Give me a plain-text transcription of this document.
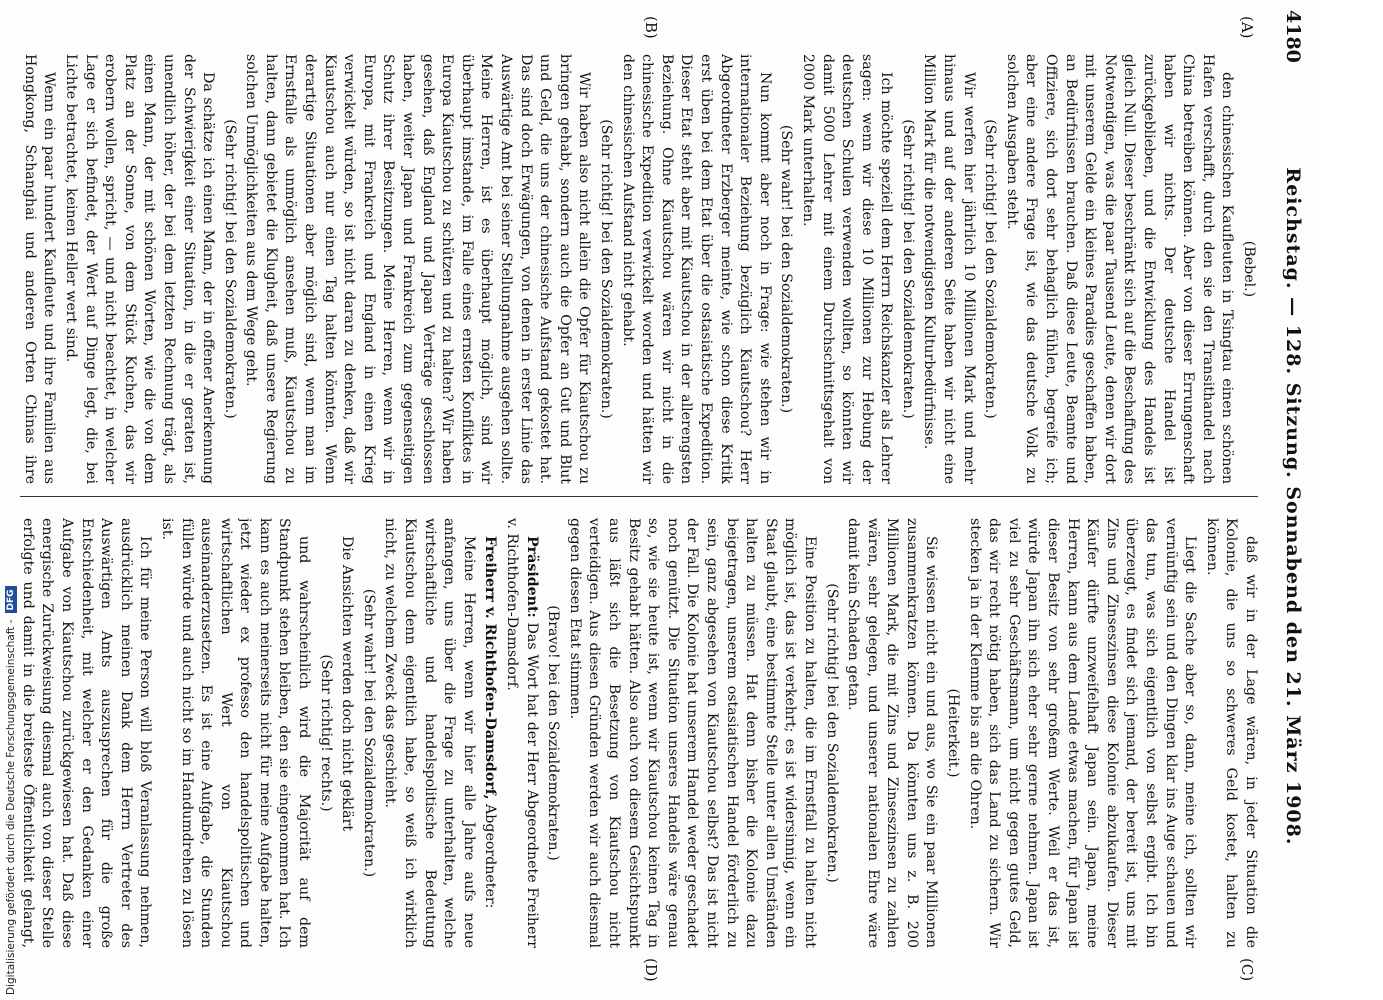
4180
Reichstag. — 128. Sitzung. Sonnabend den 21. März 1908.
(A)
(B)
(C)
(D)

(Bebel.)

den chinesischen Kaufleuten in Tsingtau einen schönen Hafen verschafft, durch den sie den Transithandel nach China betreiben können. Aber von dieser Errungenschaft haben wir nichts. Der deutsche Handel ist zurückgeblieben, und die Entwicklung des Handels ist gleich Null. Dieser beschränkt sich auf die Beschaffung des Notwendigen, was die paar Tausend Leute, denen wir dort mit unserem Gelde ein kleines Paradies geschaffen haben, an Bedürfnissen brauchen. Daß diese Leute, Beamte und Offiziere, sich dort sehr behaglich fühlen, begreife ich; aber eine andere Frage ist, wie das deutsche Volk zu solchen Ausgaben steht.

(Sehr richtig! bei den Sozialdemokraten.)

Wir werfen hier jährlich 10 Millionen Mark und mehr hinaus und auf der anderen Seite haben wir nicht eine Million Mark für die notwendigsten Kulturbedürfnisse.

(Sehr richtig! bei den Sozialdemokraten.)

Ich möchte speziell dem Herrn Reichskanzler als Lehrer sagen: wenn wir diese 10 Millionen zur Hebung der deutschen Schulen verwenden wollten, so könnten wir damit 5000 Lehrer mit einem Durchschnittsgehalt von 2000 Mark unterhalten.

(Sehr wahr! bei den Sozialdemokraten.)

Nun kommt aber noch in Frage: wie stehen wir in internationaler Beziehung bezüglich Kiautschou? Herr Abgeordneter Erzberger meinte, wie schon diese Kritik erst üben bei dem Etat über die ostasiatische Expedition. Dieser Etat steht aber mit Kiautschou in der allerengsten Beziehung. Ohne Kiautschou wären wir nicht in die chinesische Expedition verwickelt worden und hätten wir den chinesischen Aufstand nicht gehabt.

(Sehr richtig! bei den Sozialdemokraten.)

Wir haben also nicht allein die Opfer für Kiautschou zu bringen gehabt, sondern auch die Opfer an Gut und Blut und Geld, die uns der chinesische Aufstand gekostet hat. Das sind doch Erwägungen, von denen in erster Linie das Auswärtige Amt bei seiner Stellungnahme ausgehen sollte. Meine Herren, ist es überhaupt möglich, sind wir überhaupt imstande, im Falle eines ernsten Konfliktes in Europa Kiautschou zu schützen und zu halten? Wir haben gesehen, daß England und Japan Verträge geschlossen haben, weiter Japan und Frankreich zum gegenseitigen Schutz ihrer Besitzungen. Meine Herren, wenn wir in Europa, mit Frankreich und England in einen Krieg verwickelt würden, so ist nicht daran zu denken, daß wir Kiautschou auch nur einen Tag halten könnten. Wenn derartige Situationen aber möglich sind, wenn man im Ernstfalle als unmöglich ansehen muß, Kiautschou zu halten, dann gebietet die Klugheit, daß unsere Regierung solchen Unmöglichkeiten aus dem Wege geht.

(Sehr richtig! bei den Sozialdemokraten.)

Da schätze ich einen Mann, der in offener Anerkennung der Schwierigkeit einer Situation, in die er geraten ist, unendlich höher, der bei dem letzten Rechnung trägt, als einen Mann, der mit schönen Worten, wie die von dem Platz an der Sonne, von dem Stück Kuchen, das wir erobern wollen, spricht, — und nicht beachtet, in welcher Lage er sich befindet, der Wert auf Dinge legt, die, bei Lichte betrachtet, keinen Heller wert sind.

Wenn ein paar hundert Kaufleute und ihre Familien aus Hongkong, Schanghai und anderen Orten Chinas ihre

daß wir in der Lage wären, in jeder Situation die Kolonie, die uns so schweres Geld kostet, halten zu können.

Liegt die Sache aber so, dann, meine ich, sollten wir vernünftig sein und den Dingen klar ins Auge schauen und das tun, was sich eigentlich von selbst ergibt. Ich bin überzeugt, es findet sich jemand, der bereit ist, uns mit Zins und Zinseszinsen diese Kolonie abzukaufen. Dieser Käufer dürfte unzweifelhaft Japan sein. Japan, meine Herren, kann aus dem Lande etwas machen, für Japan ist dieser Besitz von sehr großem Werte. Weil er das ist, würde Japan ihn sich eher sehr gerne nehmen. Japan ist viel zu sehr Geschäftsmann, um nicht gegen gutes Geld, das wir recht nötig haben, sich das Land zu sichern. Wir stecken ja in der Klemme bis an die Ohren.

(Heiterkeit.)

Sie wissen nicht ein und aus, wo Sie ein paar Millionen zusammenkratzen können. Da könnten uns z. B. 200 Millionen Mark, die mit Zins und Zinseszinsen zu zahlen wären, sehr gelegen, und unserer nationalen Ehre wäre damit kein Schaden getan.

(Sehr richtig! bei den Sozialdemokraten.)

Eine Position zu halten, die im Ernstfall zu halten nicht möglich ist, das ist verkehrt; es ist widersinnig, wenn ein Staat glaubt, eine bestimmte Stelle unter allen Umständen halten zu müssen. Hat denn bisher die Kolonie dazu beigetragen, unserem ostasiatischen Handel förderlich zu sein, ganz abgesehen von Kiautschou selbst? Das ist nicht der Fall. Die Kolonie hat unserem Handel weder geschadet noch genützt. Die Situation unseres Handels wäre genau so, wie sie heute ist, wenn wir Kiautschou keinen Tag in Besitz gehabt hätten. Also auch von diesem Gesichtspunkt aus läßt sich die Besetzung von Kiautschou nicht verteidigen. Aus diesen Gründen werden wir auch diesmal gegen diesen Etat stimmen.

(Bravo! bei den Sozialdemokraten.)

Präsident: Das Wort hat der Herr Abgeordnete Freiherr v. Richthofen-Damsdorf.

Freiherr v. Richthofen-Damsdorf, Abgeordneter:

Meine Herren, wenn wir hier alle Jahre aufs neue anfangen, uns über die Frage zu unterhalten, welche wirtschaftliche und handelspolitische Bedeutung Kiautschou denn eigentlich habe, so weiß ich wirklich nicht, zu welchem Zweck das geschieht.

(Sehr wahr! bei den Sozialdemokraten.)

Die Ansichten werden doch nicht geklärt

(Sehr richtig! rechts.)

und wahrscheinlich wird die Majorität auf dem Standpunkt stehen bleiben, den sie eingenommen hat. Ich kann es auch meinerseits nicht für meine Aufgabe halten, jetzt wieder ex professo den handelspolitischen und wirtschaftlichen Wert von Kiautschou auseinanderzusetzen. Es ist eine Aufgabe, die Stunden füllen würde und auch nicht so im Handumdrehen zu lösen ist.

Ich für meine Person will bloß Veranlassung nehmen, ausdrücklich meinen Dank dem Herrn Vertreter des Auswärtigen Amts auszusprechen für die große Entschiedenheit, mit welcher er den Gedanken einer Aufgabe von Kiautschou zurückgewiesen hat. Daß diese energische Zurückweisung diesmal auch von dieser Stelle erfolgte und damit in die breiteste Öffentlichkeit gelangt,

Digitalisierung gefördert durch die Deutsche Forschungsgemeinschaft -
DFG
